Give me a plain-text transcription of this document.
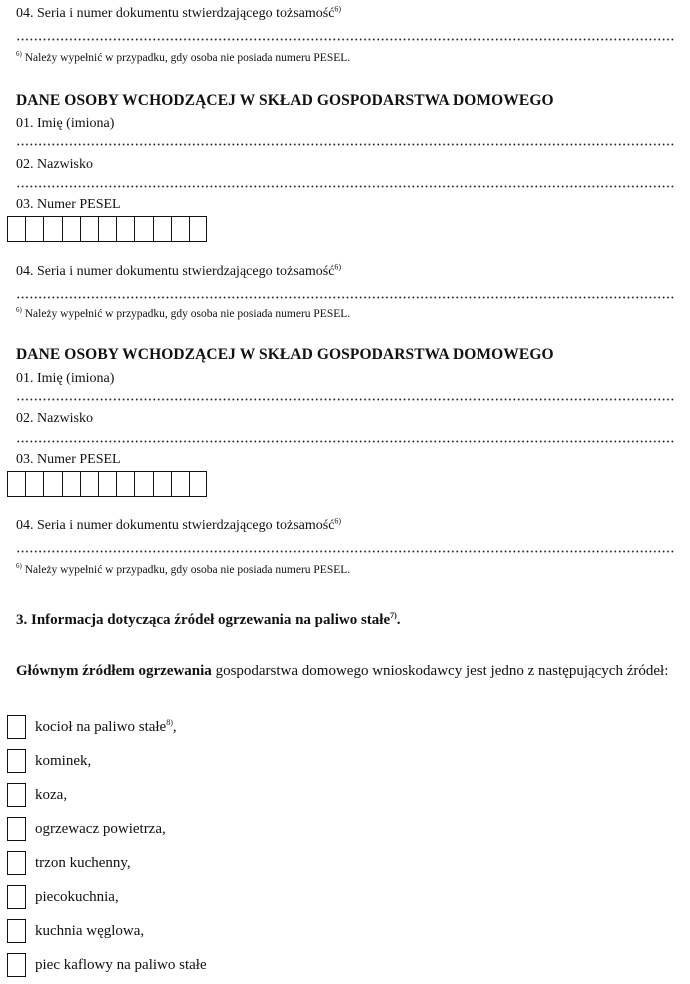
04. Seria i numer dokumentu stwierdzającego tożsamość$^{6)}$
..
$^{6)}$ Należy wypełnić w przypadku, gdy osoba nie posiada numeru PESEL.
DANE OSOBY WCHODZĄCEJ W SKŁAD GOSPODARSTWA DOMOWEGO
01. Imię (imiona)
..
02. Nazwisko
..
03. Numer PESEL
04. Seria i numer dokumentu stwierdzającego tożsamość$^{6)}$
..
$^{6)}$ Należy wypełnić w przypadku, gdy osoba nie posiada numeru PESEL.
DANE OSOBY WCHODZĄCEJ W SKŁAD GOSPODARSTWA DOMOWEGO
01. Imię (imiona)
..
02. Nazwisko
..
03. Numer PESEL
04. Seria i numer dokumentu stwierdzającego tożsamość$^{6)}$
..
$^{6)}$ Należy wypełnić w przypadku, gdy osoba nie posiada numeru PESEL.
3. Informacja dotycząca źródeł ogrzewania na paliwo stałe$^{7)}$.
Głównym źródłem ogrzewania gospodarstwa domowego wnioskodawcy jest jedno z następujących źródeł:
kocioł na paliwo stałe$^{8)}$,
kominek,
koza,
ogrzewacz powietrza,
trzon kuchenny,
piecokuchnia,
kuchnia węglowa,
piec kaflowy na paliwo stałe
